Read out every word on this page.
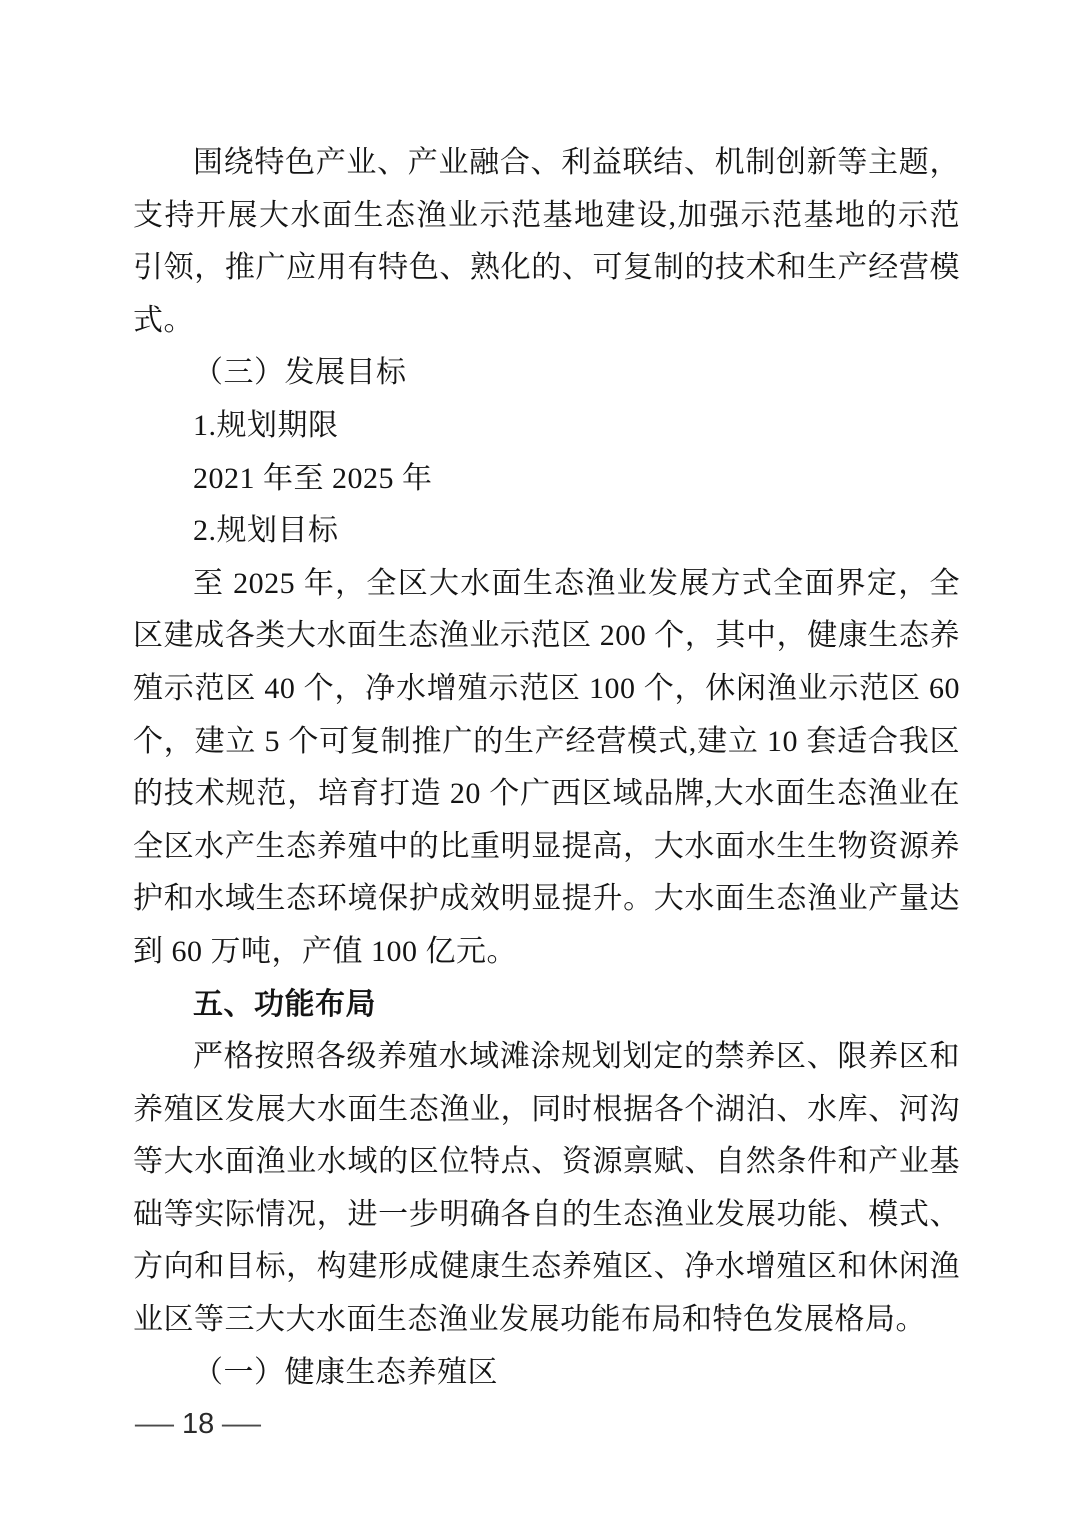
围绕特色产业、产业融合、利益联结、机制创新等主题，支持开展大水面生态渔业示范基地建设,加强示范基地的示范引领，推广应用有特色、熟化的、可复制的技术和生产经营模式。

（三）发展目标

1.规划期限

2021 年至 2025 年

2.规划目标

至 2025 年，全区大水面生态渔业发展方式全面界定，全区建成各类大水面生态渔业示范区 200 个，其中，健康生态养殖示范区 40 个，净水增殖示范区 100 个，休闲渔业示范区 60 个，建立 5 个可复制推广的生产经营模式,建立 10 套适合我区的技术规范，培育打造 20 个广西区域品牌,大水面生态渔业在全区水产生态养殖中的比重明显提高，大水面水生生物资源养护和水域生态环境保护成效明显提升。大水面生态渔业产量达到 60 万吨，产值 100 亿元。

五、功能布局

严格按照各级养殖水域滩涂规划划定的禁养区、限养区和养殖区发展大水面生态渔业，同时根据各个湖泊、水库、河沟等大水面渔业水域的区位特点、资源禀赋、自然条件和产业基础等实际情况，进一步明确各自的生态渔业发展功能、模式、方向和目标，构建形成健康生态养殖区、净水增殖区和休闲渔业区等三大大水面生态渔业发展功能布局和特色发展格局。

（一）健康生态养殖区
— 18 —
